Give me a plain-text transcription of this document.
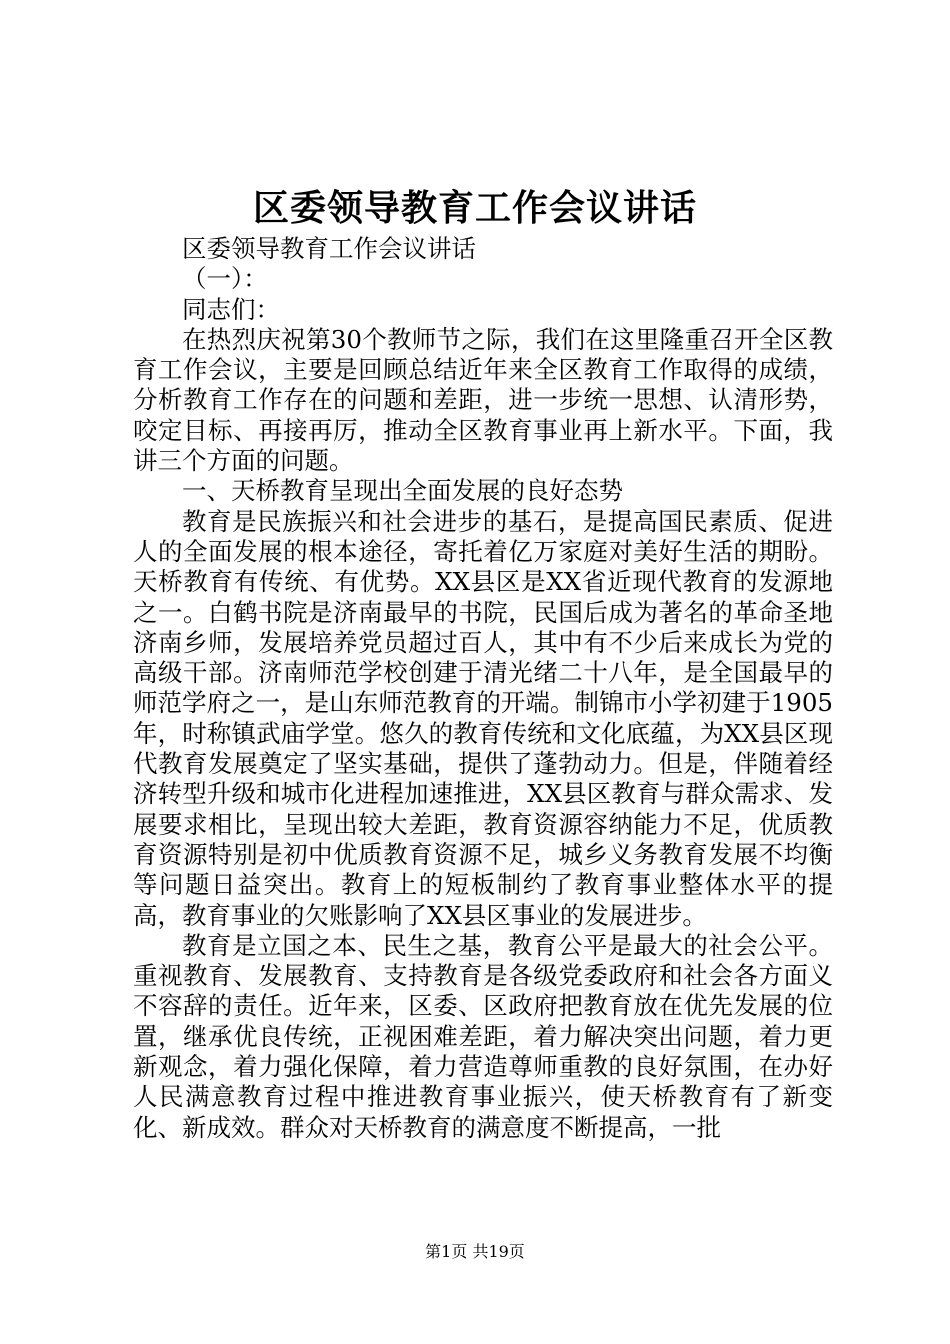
区委领导教育工作会议讲话

区委领导教育工作会议讲话

（一）：

同志们：

在热烈庆祝第30个教师节之际，我们在这里隆重召开全区教育工作会议，主要是回顾总结近年来全区教育工作取得的成绩，分析教育工作存在的问题和差距，进一步统一思想、认清形势，咬定目标、再接再厉，推动全区教育事业再上新水平。下面，我讲三个方面的问题。

一、天桥教育呈现出全面发展的良好态势

教育是民族振兴和社会进步的基石，是提高国民素质、促进人的全面发展的根本途径，寄托着亿万家庭对美好生活的期盼。天桥教育有传统、有优势。XX县区是XX省近现代教育的发源地之一。白鹤书院是济南最早的书院，民国后成为著名的革命圣地济南乡师，发展培养党员超过百人，其中有不少后来成长为党的高级干部。济南师范学校创建于清光绪二十八年，是全国最早的师范学府之一，是山东师范教育的开端。制锦市小学初建于1905年，时称镇武庙学堂。悠久的教育传统和文化底蕴，为XX县区现代教育发展奠定了坚实基础，提供了蓬勃动力。但是，伴随着经济转型升级和城市化进程加速推进，XX县区教育与群众需求、发展要求相比，呈现出较大差距，教育资源容纳能力不足，优质教育资源特别是初中优质教育资源不足，城乡义务教育发展不均衡等问题日益突出。教育上的短板制约了教育事业整体水平的提高，教育事业的欠账影响了XX县区事业的发展进步。

教育是立国之本、民生之基，教育公平是最大的社会公平。重视教育、发展教育、支持教育是各级党委政府和社会各方面义不容辞的责任。近年来，区委、区政府把教育放在优先发展的位置，继承优良传统，正视困难差距，着力解决突出问题，着力更新观念，着力强化保障，着力营造尊师重教的良好氛围，在办好人民满意教育过程中推进教育事业振兴，使天桥教育有了新变化、新成效。群众对天桥教育的满意度不断提高，一批

第1页 共19页
